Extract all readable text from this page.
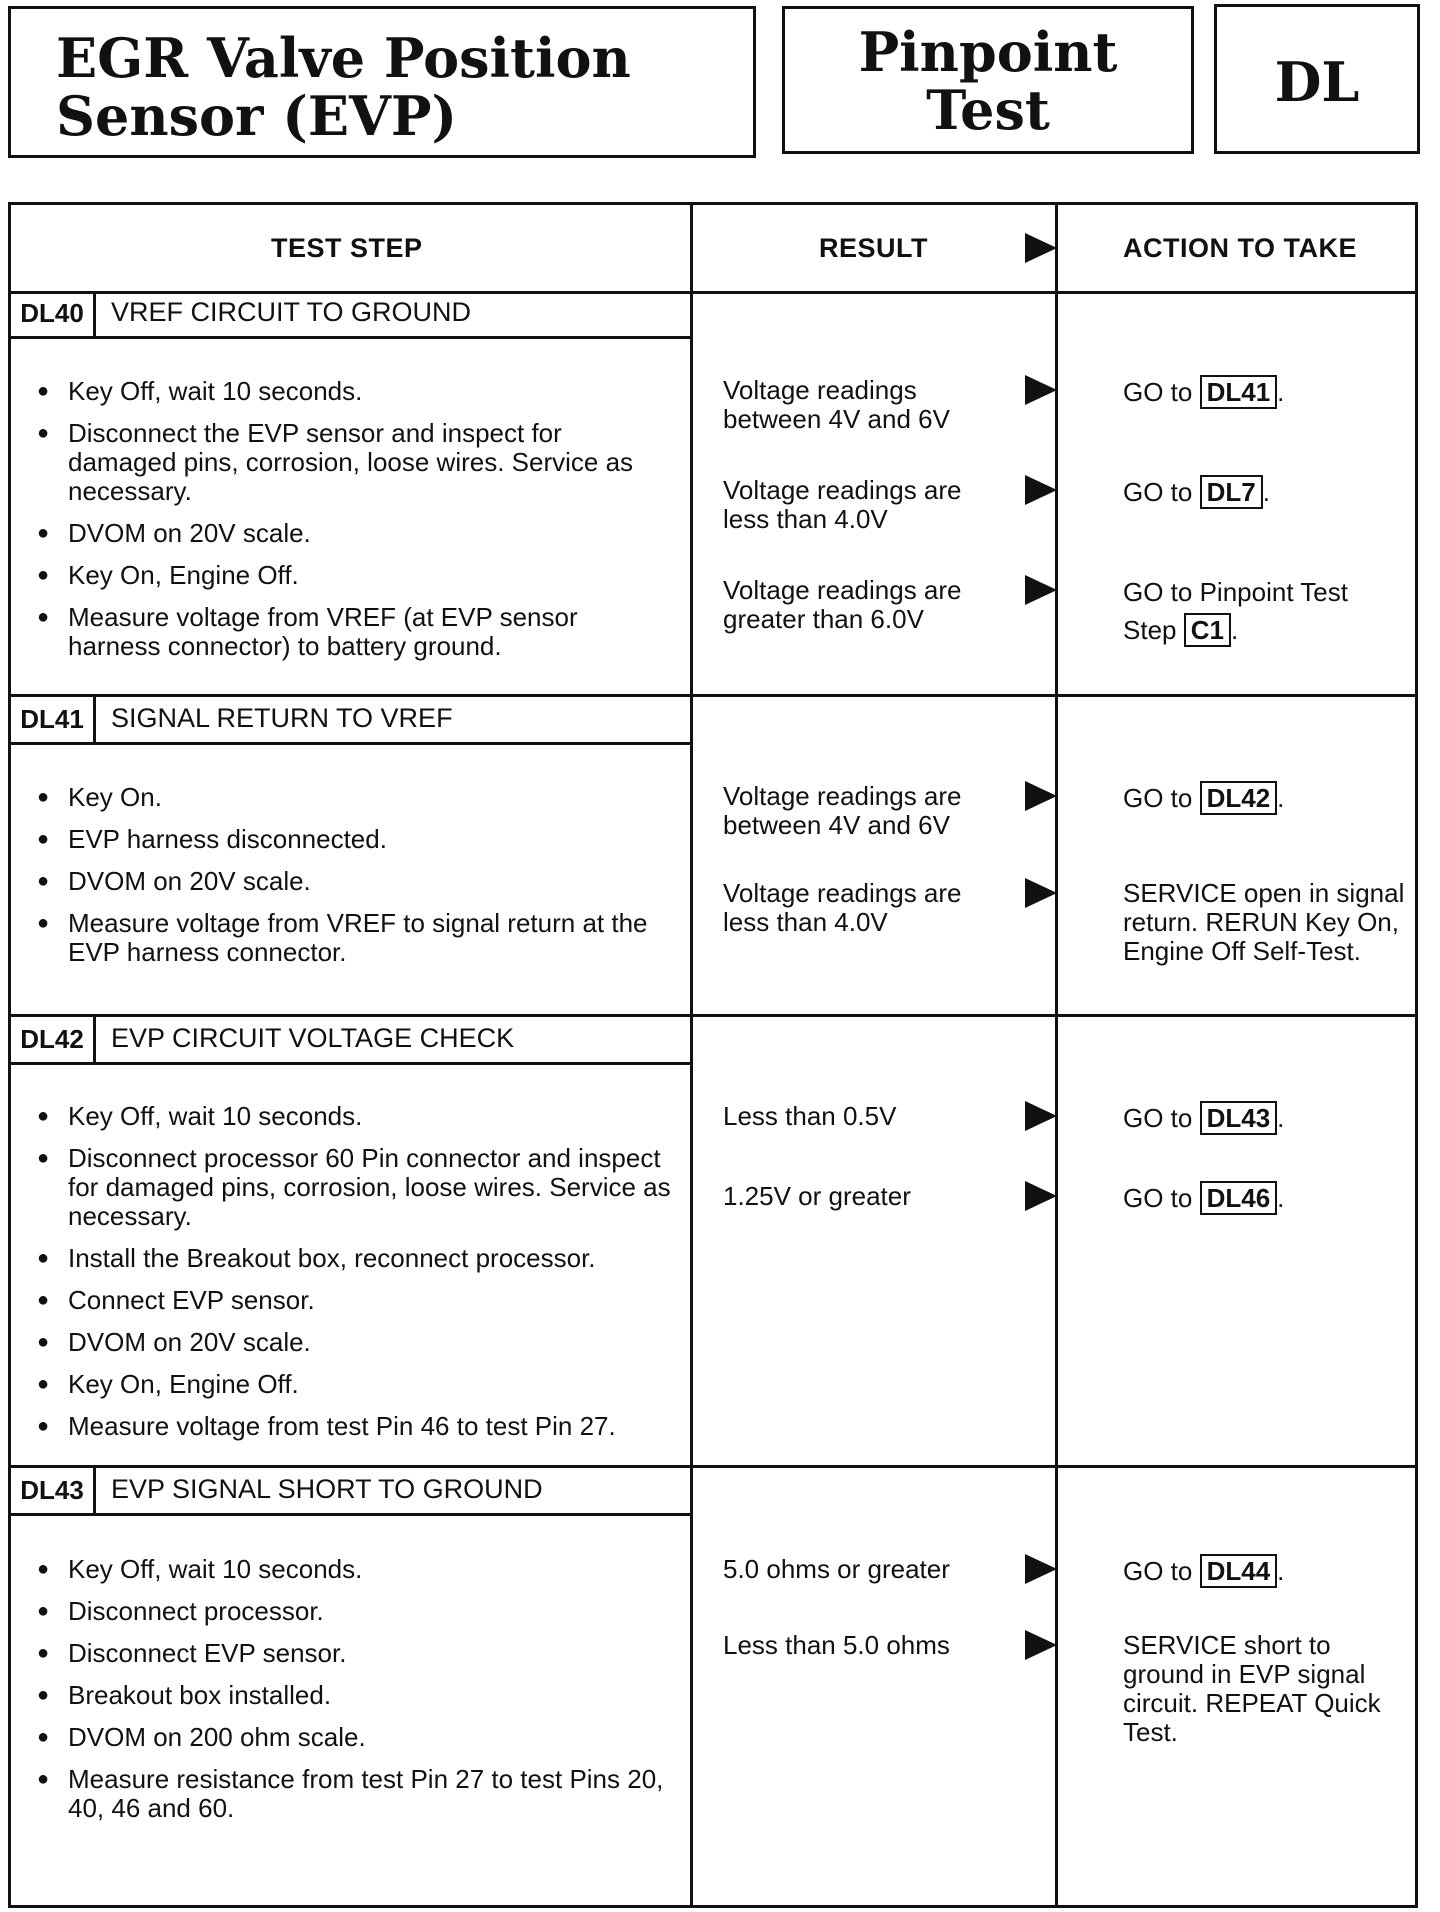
EGR Valve Position
Sensor (EVP)
Pinpoint
Test	DL
TEST STEP	RESULT	ACTION TO TAKE
DL40	VREF CIRCUIT TO GROUND
● Key Off, wait 10 seconds.
● Disconnect the EVP sensor and inspect for damaged pins, corrosion, loose wires. Service as necessary.
● DVOM on 20V scale.
● Key On, Engine Off.
● Measure voltage from VREF (at EVP sensor harness connector) to battery ground.
Voltage readings between 4V and 6V
GO to DL41 .
Voltage readings are less than 4.0V
GO to DL7 .
Voltage readings are greater than 6.0V
GO to Pinpoint Test
Step C1 .
DL41	SIGNAL RETURN TO VREF
● Key On.
● EVP harness disconnected.
● DVOM on 20V scale.
● Measure voltage from VREF to signal return at the EVP harness connector.
Voltage readings are between 4V and 6V
GO to DL42 .
Voltage readings are less than 4.0V
SERVICE open in signal return. RERUN Key On, Engine Off Self-Test.
DL42	EVP CIRCUIT VOLTAGE CHECK
● Key Off, wait 10 seconds.
● Disconnect processor 60 Pin connector and inspect for damaged pins, corrosion, loose wires. Service as necessary.
● Install the Breakout box, reconnect processor.
● Connect EVP sensor.
● DVOM on 20V scale.
● Key On, Engine Off.
● Measure voltage from test Pin 46 to test Pin 27.
Less than 0.5V	GO to DL43 .
1.25V or greater	GO to DL46 .
DL43	EVP SIGNAL SHORT TO GROUND
● Key Off, wait 10 seconds.
● Disconnect processor.
● Disconnect EVP sensor.
● Breakout box installed.
● DVOM on 200 ohm scale.
● Measure resistance from test Pin 27 to test Pins 20, 40, 46 and 60.
5.0 ohms or greater	GO to DL44 .
Less than 5.0 ohms	SERVICE short to ground in EVP signal circuit. REPEAT Quick Test.
